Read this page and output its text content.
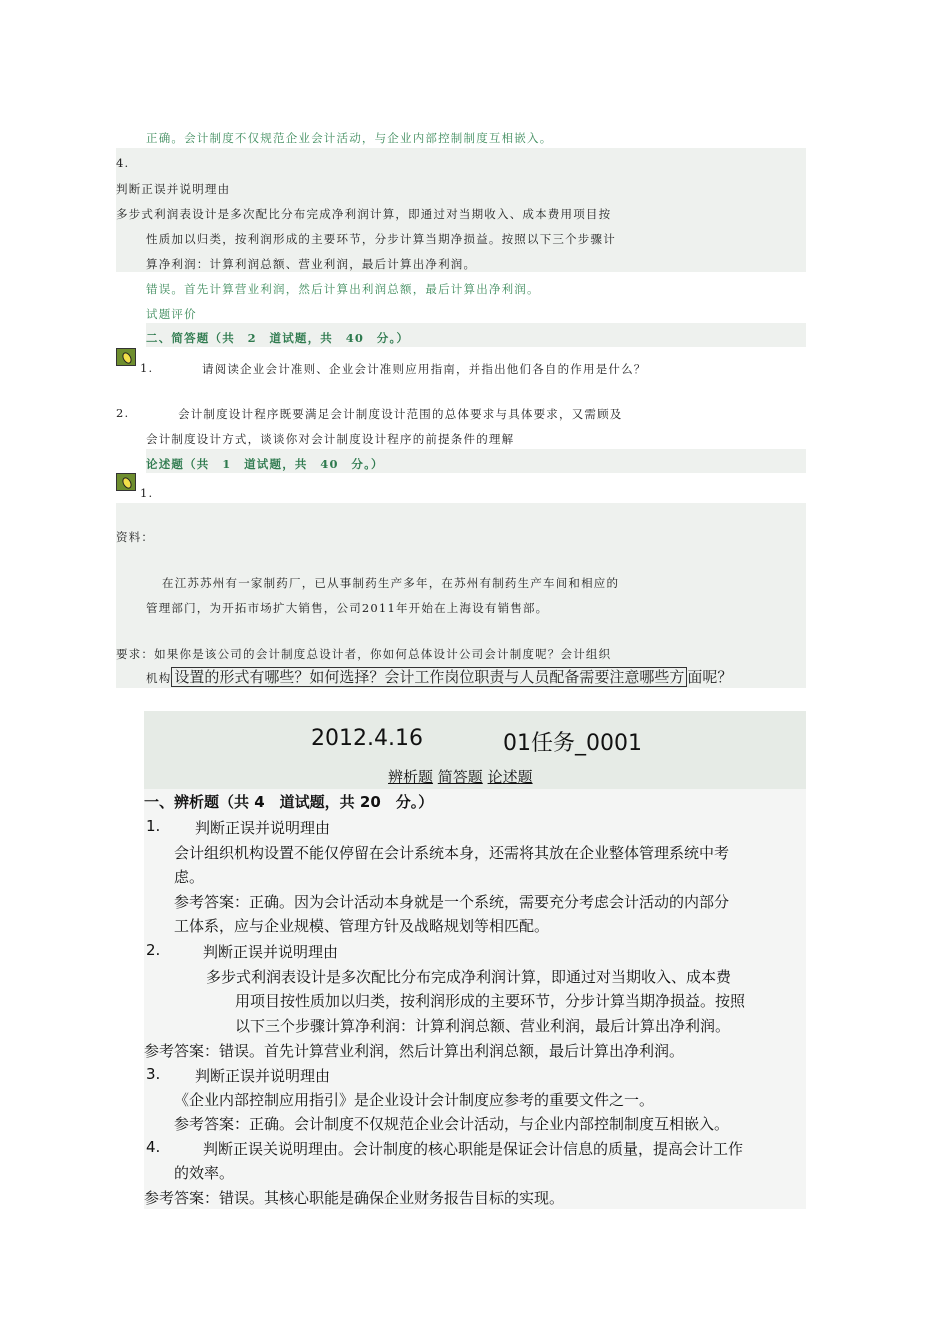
正确。会计制度不仅规范企业会计活动，与企业内部控制制度互相嵌入。
4.
判断正误并说明理由
多步式利润表设计是多次配比分布完成净利润计算，即通过对当期收入、成本费用项目按
性质加以归类，按利润形成的主要环节，分步计算当期净损益。按照以下三个步骤计
算净利润：计算利润总额、营业利润，最后计算出净利润。
错误。首先计算营业利润，然后计算出利润总额，最后计算出净利润。
试题评价
二、简答题（共　2　道试题，共　40　分。）
1.	请阅读企业会计准则、企业会计准则应用指南，并指出他们各自的作用是什么？
2.	会计制度设计程序既要满足会计制度设计范围的总体要求与具体要求，又需顾及
会计制度设计方式，谈谈你对会计制度设计程序的前提条件的理解
论述题（共　1　道试题，共　40　分。）
1.
资料：
在江苏苏州有一家制药厂，已从事制药生产多年，在苏州有制药生产车间和相应的
管理部门，为开拓市场扩大销售，公司2011年开始在上海设有销售部。
要求：如果你是该公司的会计制度总设计者，你如何总体设计公司会计制度呢？会计组织
机构 设置的形式有哪些？如何选择？会计工作岗位职责与人员配备需要注意哪些方 面呢？
2012.4.16	01任务_0001
辨析题 简答题 论述题
一、辨析题（共 4　道试题，共 20　分。）
1. 判断正误并说明理由
会计组织机构设置不能仅停留在会计系统本身，还需将其放在企业整体管理系统中考
虑。
参考答案：正确。因为会计活动本身就是一个系统，需要充分考虑会计活动的内部分
工体系，应与企业规模、管理方针及战略规划等相匹配。
2.	判断正误并说明理由
多步式利润表设计是多次配比分布完成净利润计算，即通过对当期收入、成本费
用项目按性质加以归类，按利润形成的主要环节，分步计算当期净损益。按照
以下三个步骤计算净利润：计算利润总额、营业利润，最后计算出净利润。
参考答案：错误。首先计算营业利润，然后计算出利润总额，最后计算出净利润。
3. 判断正误并说明理由
《企业内部控制应用指引》是企业设计会计制度应参考的重要文件之一。
参考答案：正确。会计制度不仅规范企业会计活动，与企业内部控制制度互相嵌入。
4.	判断正误关说明理由。会计制度的核心职能是保证会计信息的质量，提高会计工作
的效率。
参考答案：错误。其核心职能是确保企业财务报告目标的实现。
